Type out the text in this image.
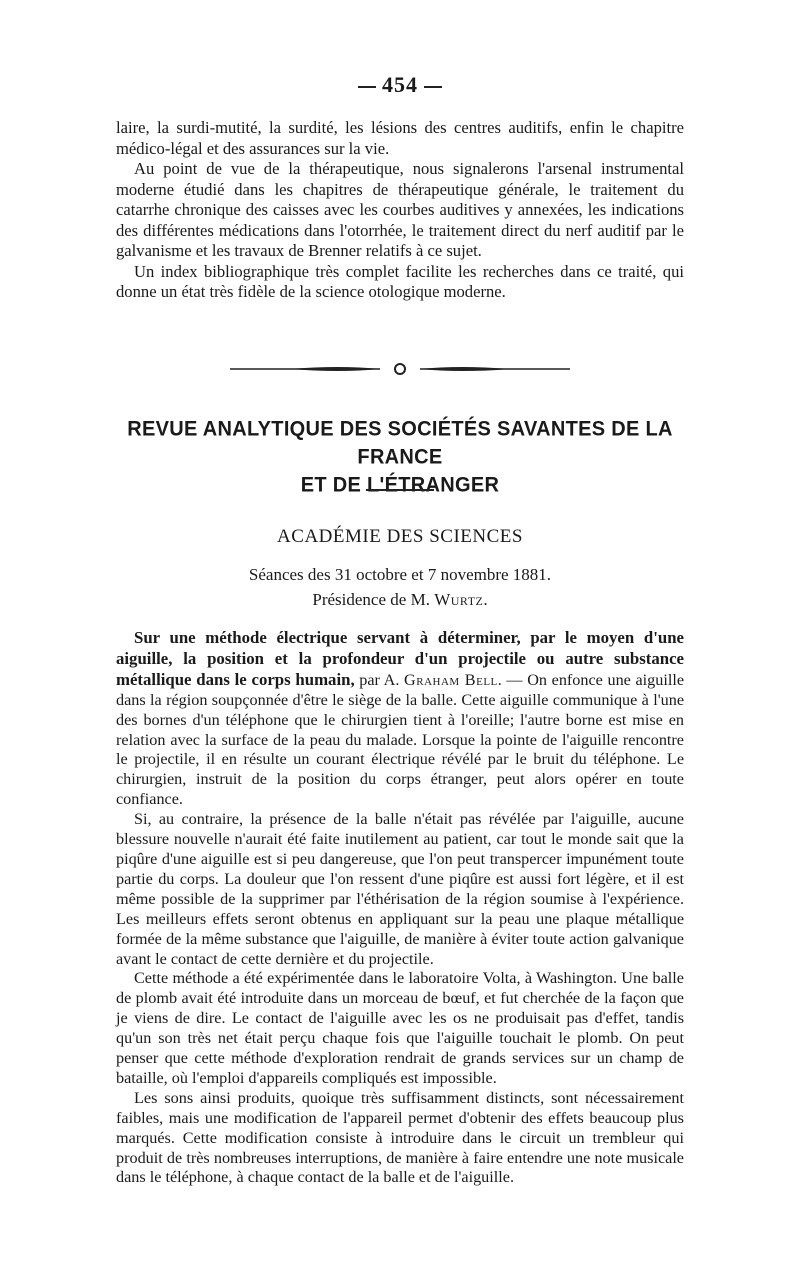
454

laire, la surdi-mutité, la surdité, les lésions des centres auditifs, enfin le chapitre médico-légal et des assurances sur la vie.

Au point de vue de la thérapeutique, nous signalerons l'arsenal instrumental moderne étudié dans les chapitres de thérapeutique générale, le traitement du catarrhe chronique des caisses avec les courbes auditives y annexées, les indications des différentes médications dans l'otorrhée, le traitement direct du nerf auditif par le galvanisme et les travaux de Brenner relatifs à ce sujet.

Un index bibliographique très complet facilite les recherches dans ce traité, qui donne un état très fidèle de la science otologique moderne.

REVUE ANALYTIQUE DES SOCIÉTÉS SAVANTES DE LA FRANCE
ET DE L'ÉTRANGER
ACADÉMIE DES SCIENCES
Séances des 31 octobre et 7 novembre 1881.
Présidence de M. Wurtz.

Sur une méthode électrique servant à déterminer, par le moyen d'une aiguille, la position et la profondeur d'un projectile ou autre substance métallique dans le corps humain, par A. Graham Bell. — On enfonce une aiguille dans la région soupçonnée d'être le siège de la balle. Cette aiguille communique à l'une des bornes d'un téléphone que le chirurgien tient à l'oreille; l'autre borne est mise en relation avec la surface de la peau du malade. Lorsque la pointe de l'aiguille rencontre le projectile, il en résulte un courant électrique révélé par le bruit du téléphone. Le chirurgien, instruit de la position du corps étranger, peut alors opérer en toute confiance.

Si, au contraire, la présence de la balle n'était pas révélée par l'aiguille, aucune blessure nouvelle n'aurait été faite inutilement au patient, car tout le monde sait que la piqûre d'une aiguille est si peu dangereuse, que l'on peut transpercer impunément toute partie du corps. La douleur que l'on ressent d'une piqûre est aussi fort légère, et il est même possible de la supprimer par l'éthérisation de la région soumise à l'expérience. Les meilleurs effets seront obtenus en appliquant sur la peau une plaque métallique formée de la même substance que l'aiguille, de manière à éviter toute action galvanique avant le contact de cette dernière et du projectile.

Cette méthode a été expérimentée dans le laboratoire Volta, à Washington. Une balle de plomb avait été introduite dans un morceau de bœuf, et fut cherchée de la façon que je viens de dire. Le contact de l'aiguille avec les os ne produisait pas d'effet, tandis qu'un son très net était perçu chaque fois que l'aiguille touchait le plomb. On peut penser que cette méthode d'exploration rendrait de grands services sur un champ de bataille, où l'emploi d'appareils compliqués est impossible.

Les sons ainsi produits, quoique très suffisamment distincts, sont nécessairement faibles, mais une modification de l'appareil permet d'obtenir des effets beaucoup plus marqués. Cette modification consiste à introduire dans le circuit un trembleur qui produit de très nombreuses interruptions, de manière à faire entendre une note musicale dans le téléphone, à chaque contact de la balle et de l'aiguille.
